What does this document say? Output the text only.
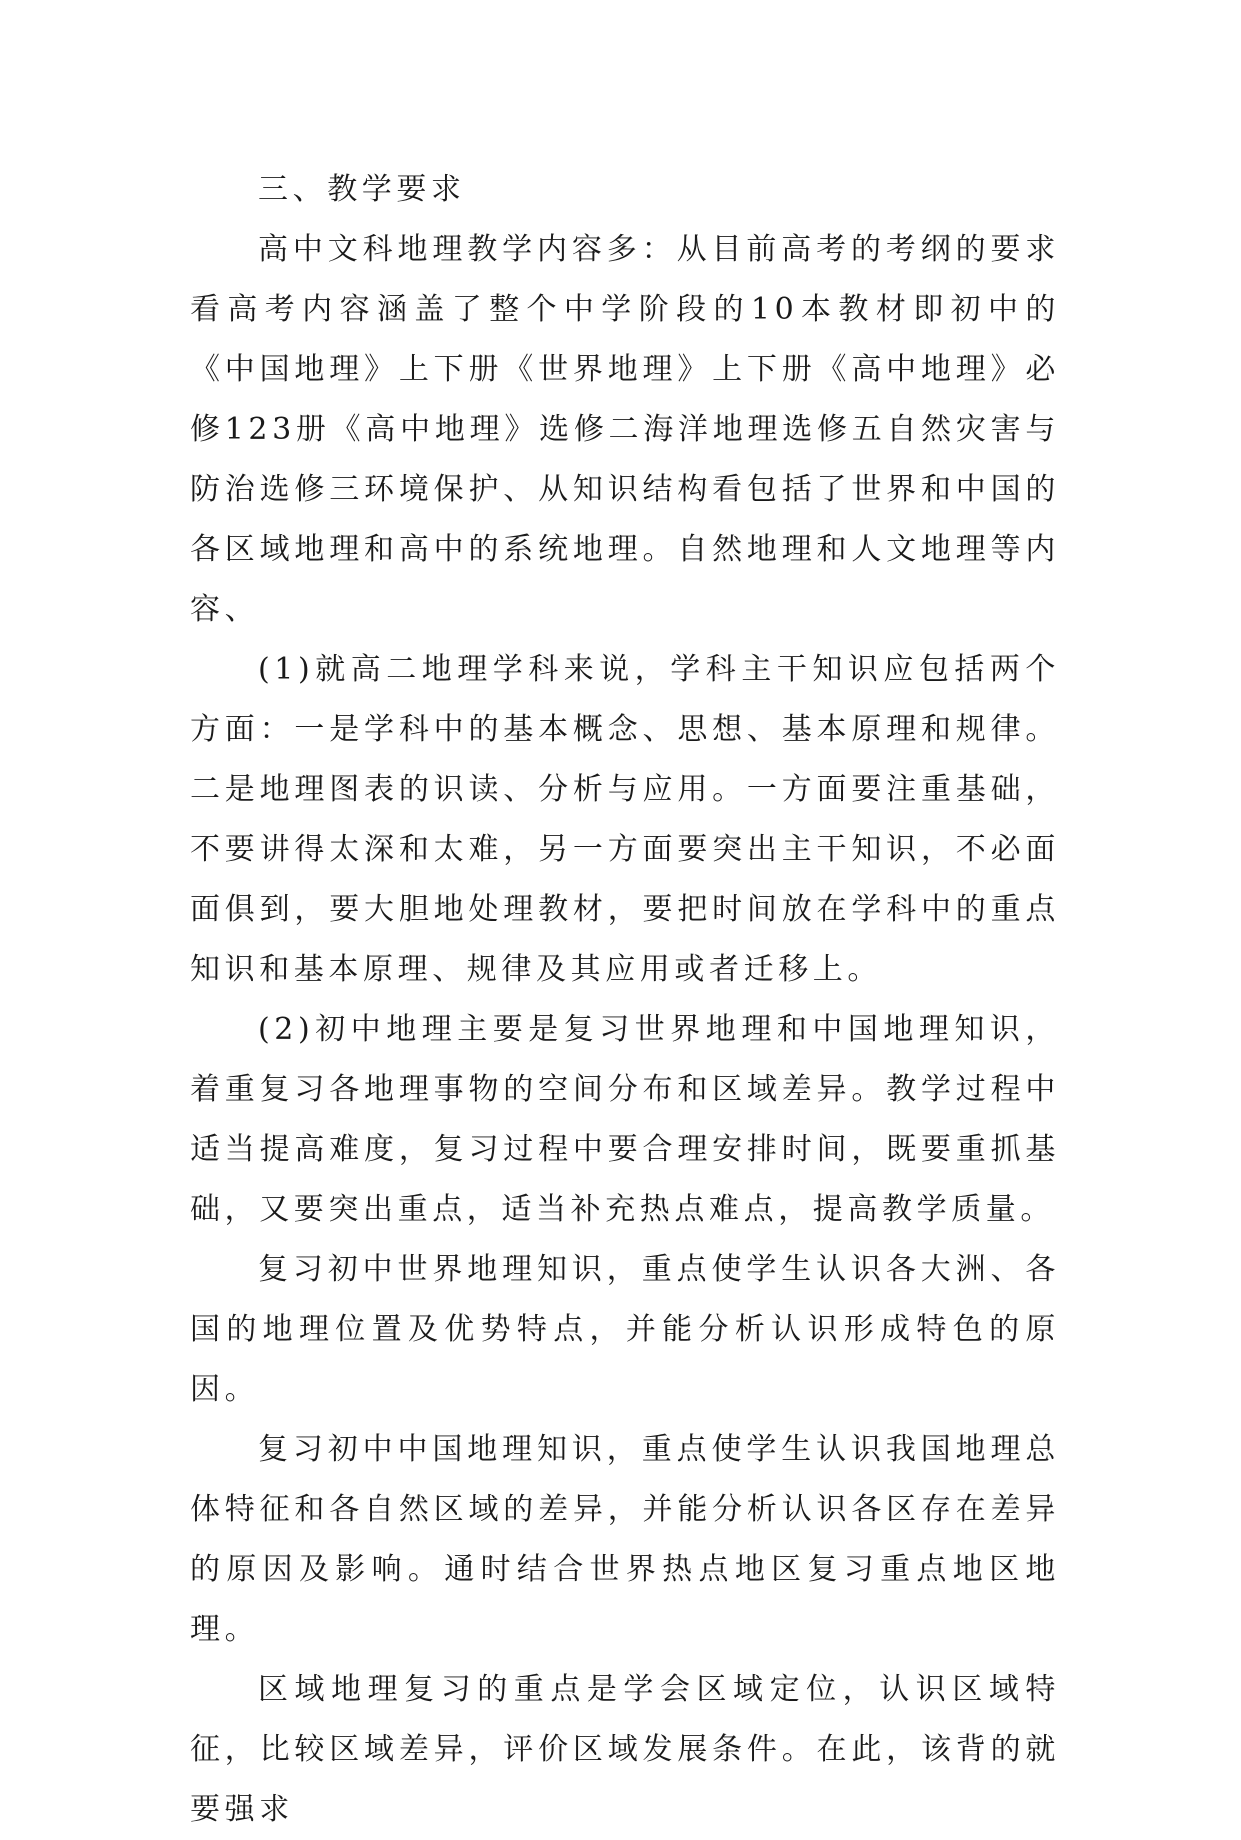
三、教学要求

高中文科地理教学内容多：从目前高考的考纲的要求看高考内容涵盖了整个中学阶段的10本教材即初中的《中国地理》上下册《世界地理》上下册《高中地理》必修123册《高中地理》选修二海洋地理选修五自然灾害与防治选修三环境保护、从知识结构看包括了世界和中国的各区域地理和高中的系统地理。自然地理和人文地理等内容、

(1)就高二地理学科来说，学科主干知识应包括两个方面：一是学科中的基本概念、思想、基本原理和规律。二是地理图表的识读、分析与应用。一方面要注重基础，不要讲得太深和太难，另一方面要突出主干知识，不必面面俱到，要大胆地处理教材，要把时间放在学科中的重点知识和基本原理、规律及其应用或者迁移上。

(2)初中地理主要是复习世界地理和中国地理知识，着重复习各地理事物的空间分布和区域差异。教学过程中适当提高难度，复习过程中要合理安排时间，既要重抓基础，又要突出重点，适当补充热点难点，提高教学质量。

复习初中世界地理知识，重点使学生认识各大洲、各国的地理位置及优势特点，并能分析认识形成特色的原因。

复习初中中国地理知识，重点使学生认识我国地理总体特征和各自然区域的差异，并能分析认识各区存在差异的原因及影响。通时结合世界热点地区复习重点地区地理。

区域地理复习的重点是学会区域定位，认识区域特征，比较区域差异，评价区域发展条件。在此，该背的就要强求
